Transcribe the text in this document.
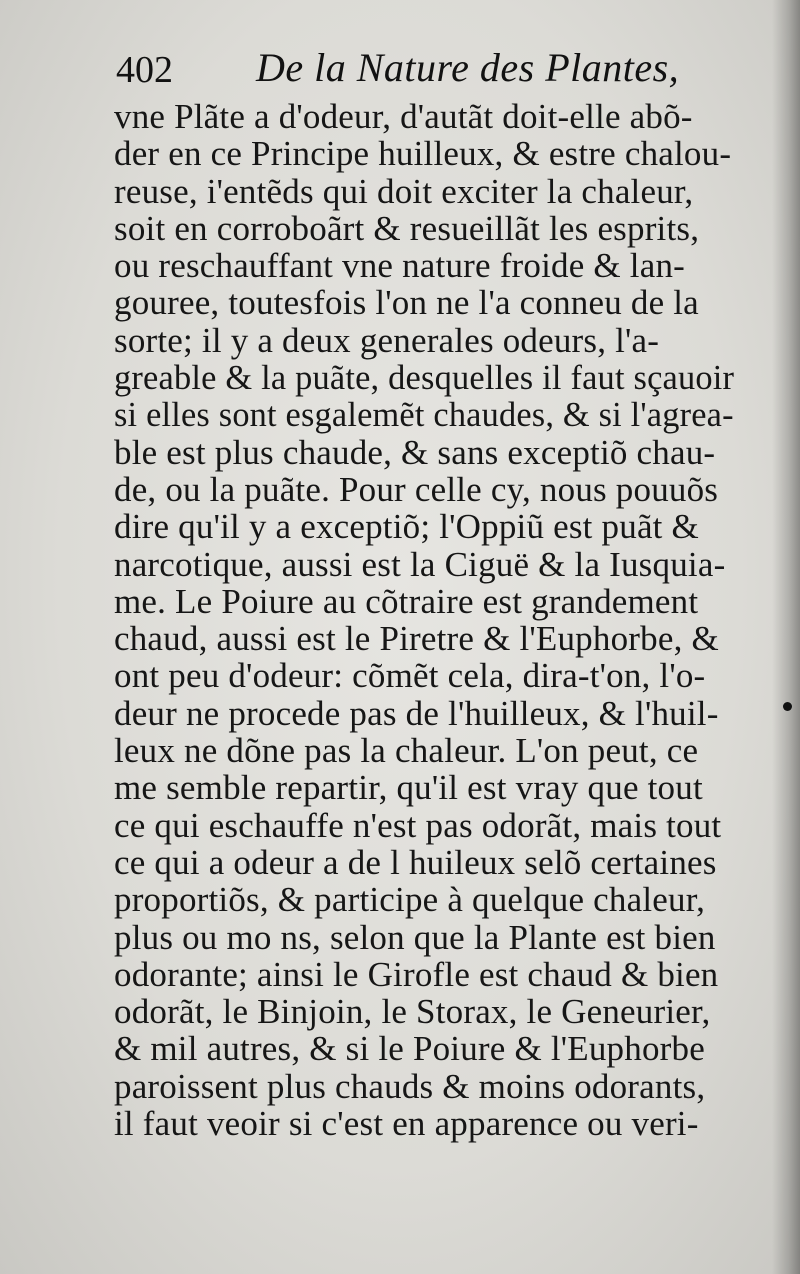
402 De la Nature des Plantes,
vne Plãte a d'odeur, d'autãt doit-elle abõ-
der en ce Principe huilleux, & estre chalou-
reuse, i'entẽds qui doit exciter la chaleur,
soit en corroboãrt & resueillãt les esprits,
ou reschauffant vne nature froide & lan-
gouree, toutesfois l'on ne l'a conneu de la
sorte; il y a deux generales odeurs, l'a-
greable & la puãte, desquelles il faut sçauoir
si elles sont esgalemẽt chaudes, & si l'agrea-
ble est plus chaude, & sans exceptiõ chau-
de, ou la puãte. Pour celle cy, nous pouuõs
dire qu'il y a exceptiõ; l'Oppiũ est puãt &
narcotique, aussi est la Ciguë & la Iusquia-
me. Le Poiure au cõtraire est grandement
chaud, aussi est le Piretre & l'Euphorbe, &
ont peu d'odeur: cõmẽt cela, dira-t'on, l'o-
deur ne procede pas de l'huilleux, & l'huil-
leux ne dõne pas la chaleur. L'on peut, ce
me semble repartir, qu'il est vray que tout
ce qui eschauffe n'est pas odorãt, mais tout
ce qui a odeur a de l huileux selõ certaines
proportiõs, & participe à quelque chaleur,
plus ou mo ns, selon que la Plante est bien
odorante; ainsi le Girofle est chaud & bien
odorãt, le Binjoin, le Storax, le Geneurier,
& mil autres, & si le Poiure & l'Euphorbe
paroissent plus chauds & moins odorants,
il faut veoir si c'est en apparence ou veri-
